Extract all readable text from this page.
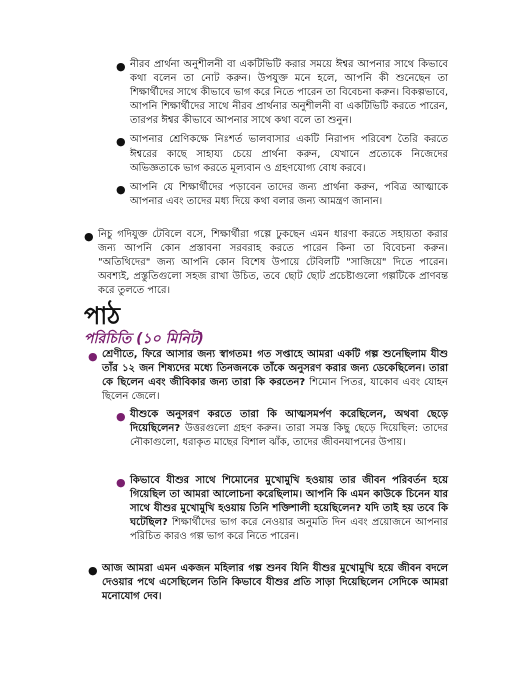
● নীরব প্রার্থনা অনুশীলনী বা একটিভিটি করার সময়ে ঈশ্বর আপনার সাথে কিভাবে কথা বলেন তা নোট করুন। উপযুক্ত মনে হলে, আপনি কী শুনেছেন তা শিক্ষার্থীদের সাথে কীভাবে ভাগ করে নিতে পারেন তা বিবেচনা করুন। বিকল্পভাবে, আপনি শিক্ষার্থীদের সাথে নীরব প্রার্থনার অনুশীলনী বা একটিভিটি করতে পারেন, তারপর ঈশ্বর কীভাবে আপনার সাথে কথা বলে তা শুনুন।
● আপনার শ্রেণিকক্ষে নিঃশর্ত ভালবাসার একটি নিরাপদ পরিবেশ তৈরি করতে ঈশ্বরের কাছে সাহায্য চেয়ে প্রার্থনা করুন, যেখানে প্রত্যেকে নিজেদের অভিজ্ঞতাকে ভাগ করতে মূল্যবান ও গ্রহণযোগ্য বোধ করবে।
● আপনি যে শিক্ষার্থীদের পড়াবেন তাদের জন্য প্রার্থনা করুন, পবিত্র আত্মাকে আপনার এবং তাদের মধ্য দিয়ে কথা বলার জন্য আমন্ত্রণ জানান।
● নিচু গদিযুক্ত টেবিলে বসে, শিক্ষার্থীরা গল্পে ঢুকছেন এমন ধারণা করতে সহায়তা করার জন্য আপনি কোন প্রস্তাবনা সরবরাহ করতে পারেন কিনা তা বিবেচনা করুন। "অতিথিদের" জন্য আপনি কোন বিশেষ উপায়ে টেবিলটি "সাজিয়ে" দিতে পারেন। অবশ্যই, প্রস্তুতিগুলো সহজ রাখা উচিত, তবে ছোট ছোট প্রচেষ্টাগুলো গল্পটিকে প্রাণবন্ত করে তুলতে পারে।
পাঠ
পরিচিতি (১০ মিনিট)
● শ্রেণীতে, ফিরে আসার জন্য স্বাগতম! গত সপ্তাহে আমরা একটি গল্প শুনেছিলাম যীশু তাঁর ১২ জন শিষ্যদের মধ্যে তিনজনকে তাঁকে অনুসরণ করার জন্য ডেকেছিলেন। তারা কে ছিলেন এবং জীবিকার জন্য তারা কি করতেন? শিমোন পিতর, যাকোব এবং যোহন ছিলেন জেলে।
● যীশুকে অনুসরণ করতে তারা কি আত্মসমর্পণ করেছিলেন, অথবা ছেড়ে দিয়েছিলেন? উত্তরগুলো গ্রহণ করুন। তারা সমস্ত কিছু ছেড়ে দিয়েছিল: তাদের নৌকাগুলো, ধরাকৃত মাছের বিশাল ঝাঁক, তাদের জীবনযাপনের উপায়।
● কিভাবে যীশুর সাথে শিমোনের মুখোমুখি হওয়ায় তার জীবন পরিবর্তন হয়ে গিয়েছিল তা আমরা আলোচনা করেছিলাম। আপনি কি এমন কাউকে চিনেন যার সাথে যীশুর মুখোমুখি হওয়ায় তিনি শক্তিশালী হয়েছিলেন? যদি তাই হয় তবে কি ঘটেছিল? শিক্ষার্থীদের ভাগ করে নেওয়ার অনুমতি দিন এবং প্রয়োজনে আপনার পরিচিত কারও গল্প ভাগ করে নিতে পারেন।
● আজ আমরা এমন একজন মহিলার গল্প শুনব যিনি যীশুর মুখোমুখি হয়ে জীবন বদলে দেওয়ার পথে এসেছিলেন তিনি কিভাবে যীশুর প্রতি সাড়া দিয়েছিলেন সেদিকে আমরা মনোযোগ দেব।
